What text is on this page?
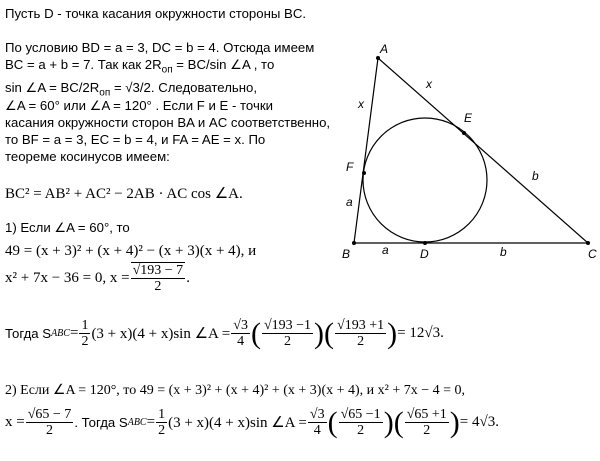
Пусть D - точка касания окружности стороны BC.
По условию BD = a = 3, DC = b = 4. Отсюда имеем
BC = a + b = 7. Так как $2R_{оп} = BC/\sin$ ∠A , то
sin ∠A = $BC/2R_{оп} = √3/2$. Следовательно,
∠A = 60° или ∠A = 120° . Если F и E - точки
касания окружности сторон BA и AC соответственно,
то BF = a = 3, EC = b = 4, и FA = AE = x. По
теореме косинусов имеем:
BC² = AB² + AC² − 2AB · AC cos ∠A.
1) Если ∠A = 60°, то
49 = (x + 3)² + (x + 4)² − (x + 3)(x + 4), и
x² + 7x − 36 = 0, $x = \frac{√193 - 7}{2}$ .
Тогда S ABC = $\frac{1}{2} (3 + x)(4 + x)\sin$ ∠A = $\frac{√3}{4}$ ( $\frac{√193 -1}{2}$ ) ( $\frac{√193 +1}{2}$ ) = 12√3.
2) Если ∠A = 120°, то 49 = (x + 3)² + (x + 4)² + (x + 3)(x + 4), и x² + 7x − 4 = 0,
$x = \frac{√65 - 7}{2}$ . Тогда S ABC = $\frac{1}{2} (3 + x)(4 + x)\sin$ ∠A = $\frac{√3}{4}$ ( $\frac{√65 -1}{2}$ ) ( $\frac{√65 +1}{2}$ ) = 4√3.
A
B	C
D
E
F
x
x
a
a
b
b
